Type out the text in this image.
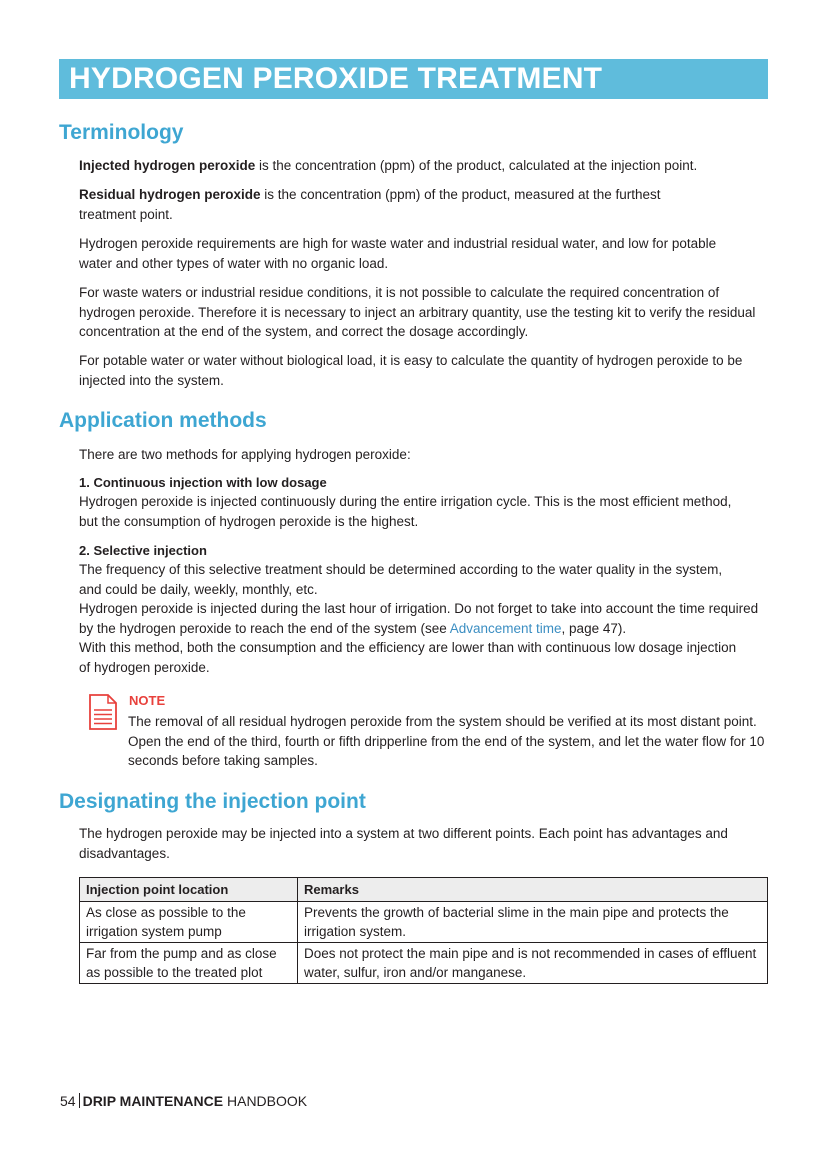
HYDROGEN PEROXIDE TREATMENT
Terminology

Injected hydrogen peroxide is the concentration (ppm) of the product, calculated at the injection point.

Residual hydrogen peroxide is the concentration (ppm) of the product, measured at the furthest treatment point.

Hydrogen peroxide requirements are high for waste water and industrial residual water, and low for potable water and other types of water with no organic load.

For waste waters or industrial residue conditions, it is not possible to calculate the required concentration of hydrogen peroxide. Therefore it is necessary to inject an arbitrary quantity, use the testing kit to verify the residual concentration at the end of the system, and correct the dosage accordingly.

For potable water or water without biological load, it is easy to calculate the quantity of hydrogen peroxide to be injected into the system.

Application methods

There are two methods for applying hydrogen peroxide:

1. Continuous injection with low dosage

Hydrogen peroxide is injected continuously during the entire irrigation cycle. This is the most efficient method, but the consumption of hydrogen peroxide is the highest.

2. Selective injection

The frequency of this selective treatment should be determined according to the water quality in the system, and could be daily, weekly, monthly, etc.

Hydrogen peroxide is injected during the last hour of irrigation. Do not forget to take into account the time required by the hydrogen peroxide to reach the end of the system (see Advancement time, page 47).

With this method, both the consumption and the efficiency are lower than with continuous low dosage injection of hydrogen peroxide.

NOTE

The removal of all residual hydrogen peroxide from the system should be verified at its most distant point. Open the end of the third, fourth or fifth dripperline from the end of the system, and let the water flow for 10 seconds before taking samples.

Designating the injection point

The hydrogen peroxide may be injected into a system at two different points. Each point has advantages and disadvantages.

Injection point location	Remarks
As close as possible to the irrigation system pump	Prevents the growth of bacterial slime in the main pipe and protects the irrigation system.
Far from the pump and as close as possible to the treated plot	Does not protect the main pipe and is not recommended in cases of effluent water, sulfur, iron and/or manganese.
54 DRIP MAINTENANCE HANDBOOK
